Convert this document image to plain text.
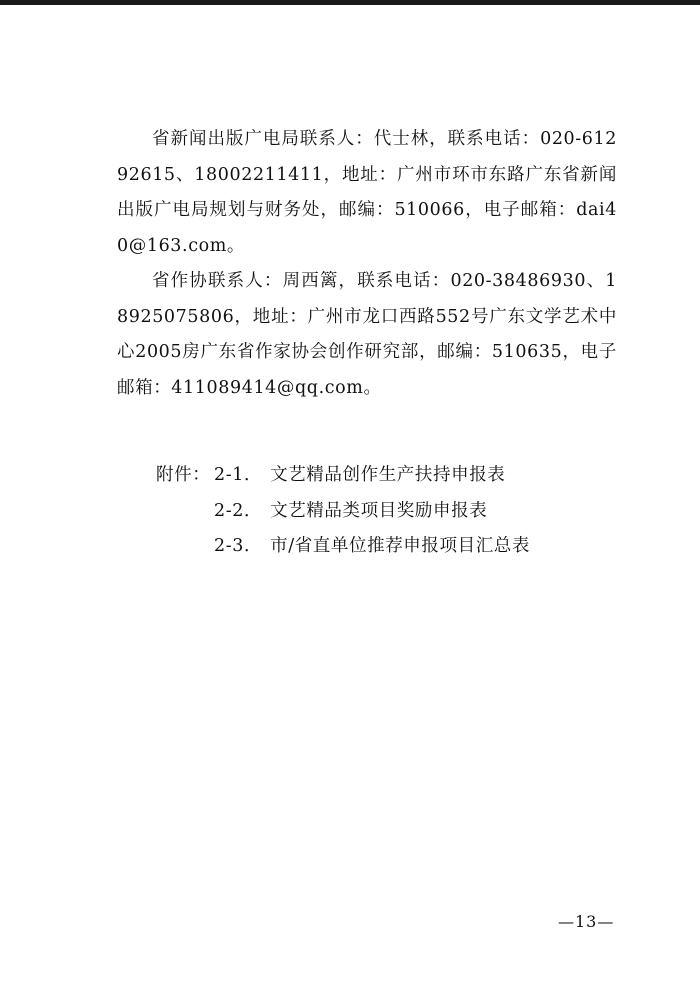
省新闻出版广电局联系人：代士林，联系电话：020-61292615、18002211411，地址：广州市环市东路广东省新闻出版广电局规划与财务处，邮编：510066，电子邮箱：dai40@163.com。

省作协联系人：周西篱，联系电话：020-38486930、18925075806，地址：广州市龙口西路552号广东文学艺术中心2005房广东省作家协会创作研究部，邮编：510635，电子邮箱：411089414@qq.com。

附件： 2-1． 文艺精品创作生产扶持申报表
2-2． 文艺精品类项目奖励申报表
2-3． 市/省直单位推荐申报项目汇总表
—13—
